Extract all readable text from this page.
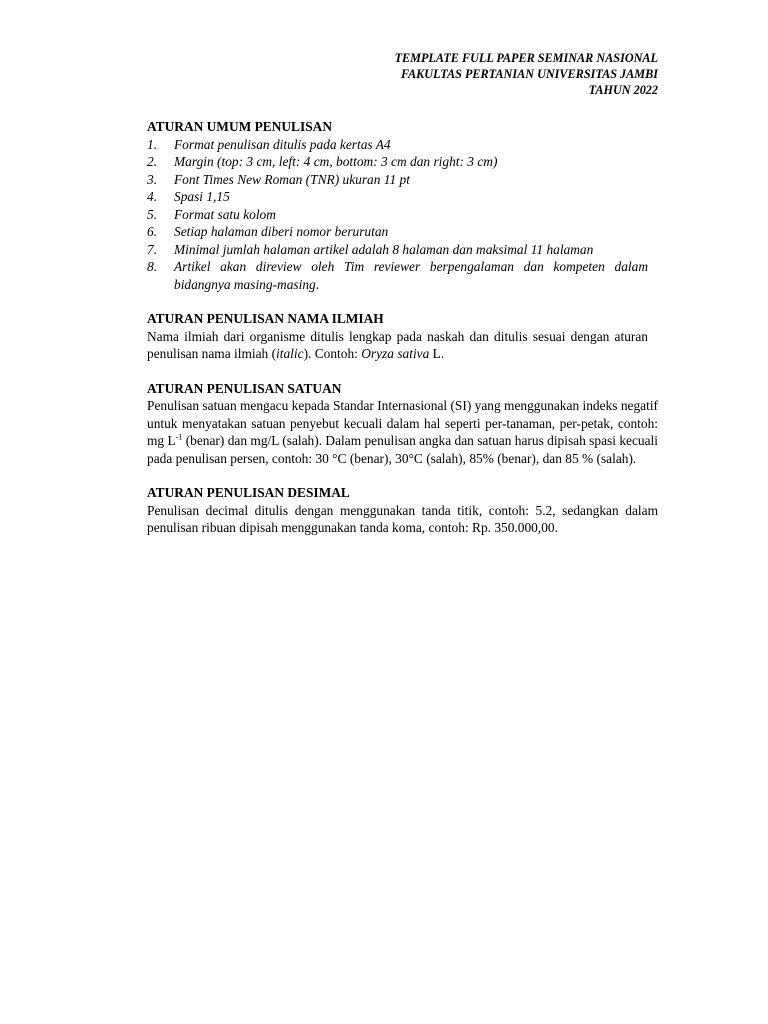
TEMPLATE FULL PAPER SEMINAR NASIONAL
FAKULTAS PERTANIAN UNIVERSITAS JAMBI
TAHUN 2022
ATURAN UMUM PENULISAN
1. Format penulisan ditulis pada kertas A4
2. Margin (top: 3 cm, left: 4 cm, bottom: 3 cm dan right: 3 cm)
3. Font Times New Roman (TNR) ukuran 11 pt
4. Spasi 1,15
5. Format satu kolom
6. Setiap halaman diberi nomor berurutan
7. Minimal jumlah halaman artikel adalah 8 halaman dan maksimal 11 halaman
8. Artikel akan direview oleh Tim reviewer berpengalaman dan kompeten dalam bidangnya masing-masing.
ATURAN PENULISAN NAMA ILMIAH

Nama ilmiah dari organisme ditulis lengkap pada naskah dan ditulis sesuai dengan aturan penulisan nama ilmiah (italic). Contoh: Oryza sativa L.

ATURAN PENULISAN SATUAN

Penulisan satuan mengacu kepada Standar Internasional (SI) yang menggunakan indeks negatif untuk menyatakan satuan penyebut kecuali dalam hal seperti per-tanaman, per-petak, contoh: mg $L^{-1}$ (benar) dan mg/L (salah). Dalam penulisan angka dan satuan harus dipisah spasi kecuali pada penulisan persen, contoh: 30 °C (benar), 30°C (salah), 85% (benar), dan 85 % (salah).

ATURAN PENULISAN DESIMAL

Penulisan decimal ditulis dengan menggunakan tanda titik, contoh: 5.2, sedangkan dalam penulisan ribuan dipisah menggunakan tanda koma, contoh: Rp. 350.000,00.
